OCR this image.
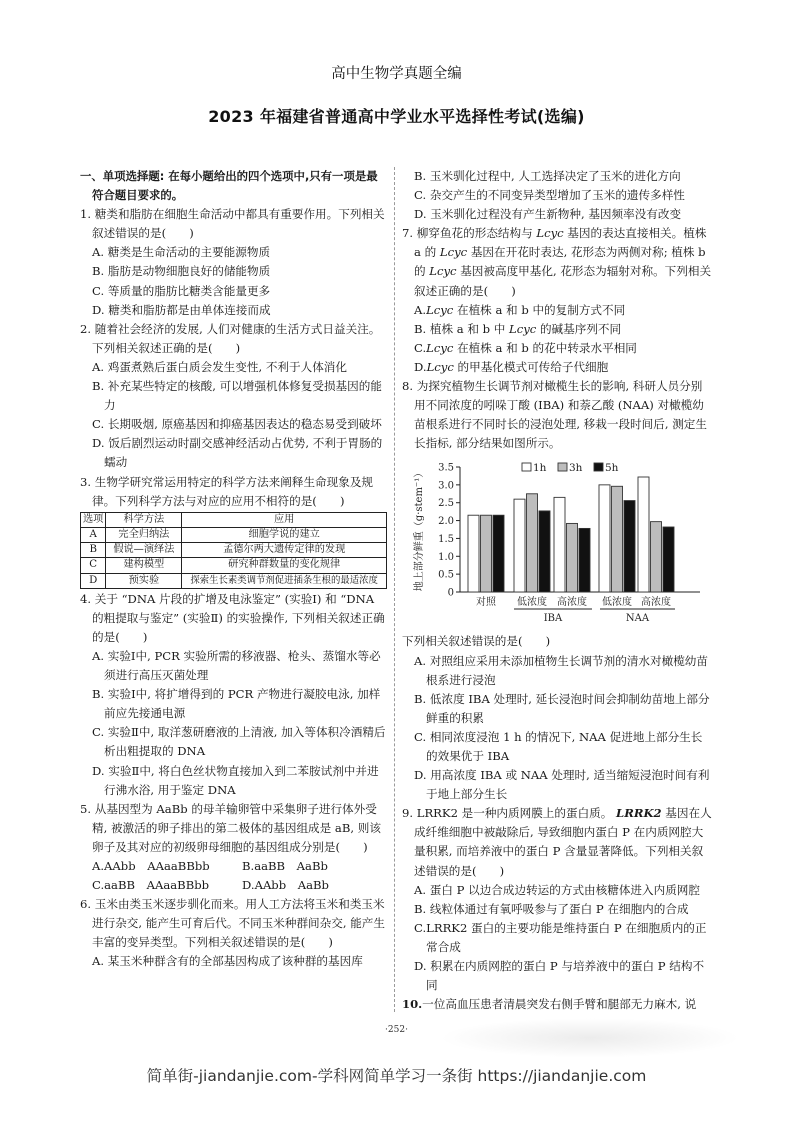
高中生物学真题全编
2023 年福建省普通高中学业水平选择性考试(选编)
一、单项选择题: 在每小题给出的四个选项中,只有一项是最符合题目要求的。
1. 糖类和脂肪在细胞生命活动中都具有重要作用。下列相关叙述错误的是(　　)
A. 糖类是生命活动的主要能源物质
B. 脂肪是动物细胞良好的储能物质
C. 等质量的脂肪比糖类含能量更多
D. 糖类和脂肪都是由单体连接而成
2. 随着社会经济的发展, 人们对健康的生活方式日益关注。下列相关叙述正确的是(　　)
A. 鸡蛋煮熟后蛋白质会发生变性, 不利于人体消化
B. 补充某些特定的核酸, 可以增强机体修复受损基因的能力
C. 长期吸烟, 原癌基因和抑癌基因表达的稳态易受到破坏
D. 饭后剧烈运动时副交感神经活动占优势, 不利于胃肠的蠕动
3. 生物学研究常运用特定的科学方法来阐释生命现象及规律。下列科学方法与对应的应用不相符的是(　　)
选项	科学方法	应用
A	完全归纳法	细胞学说的建立
B	假说—演绎法	孟德尔两大遗传定律的发现
C	建构模型	研究种群数量的变化规律
D	预实验	探索生长素类调节剂促进插条生根的最适浓度
4. 关于 “DNA 片段的扩增及电泳鉴定” (实验Ⅰ) 和 “DNA 的粗提取与鉴定” (实验Ⅱ) 的实验操作, 下列相关叙述正确的是(　　)
A. 实验Ⅰ中, PCR 实验所需的移液器、枪头、蒸馏水等必须进行高压灭菌处理
B. 实验Ⅰ中, 将扩增得到的 PCR 产物进行凝胶电泳, 加样前应先接通电源
C. 实验Ⅱ中, 取洋葱研磨液的上清液, 加入等体积冷酒精后析出粗提取的 DNA
D. 实验Ⅱ中, 将白色丝状物直接加入到二苯胺试剂中并进行沸水浴, 用于鉴定 DNA
5. 从基因型为 AaBb 的母羊输卵管中采集卵子进行体外受精, 被激活的卵子排出的第二极体的基因组成是 aB, 则该卵子及其对应的初级卵母细胞的基因组成分别是(　　)
A.AAbb　AAaaBBbb	B.aaBB　AaBb
C.aaBB　AAaaBBbb	D.AAbb　AaBb
6. 玉米由类玉米逐步驯化而来。用人工方法将玉米和类玉米进行杂交, 能产生可育后代。不同玉米种群间杂交, 能产生丰富的变异类型。下列相关叙述错误的是(　　)
A. 某玉米种群含有的全部基因构成了该种群的基因库
B. 玉米驯化过程中, 人工选择决定了玉米的进化方向
C. 杂交产生的不同变异类型增加了玉米的遗传多样性
D. 玉米驯化过程没有产生新物种, 基因频率没有改变
7. 柳穿鱼花的形态结构与 Lcyc 基因的表达直接相关。植株 a 的 Lcyc 基因在开花时表达, 花形态为两侧对称; 植株 b 的 Lcyc 基因被高度甲基化, 花形态为辐射对称。下列相关叙述正确的是(　　)
A.Lcyc 在植株 a 和 b 中的复制方式不同
B. 植株 a 和 b 中 Lcyc 的碱基序列不同
C.Lcyc 在植株 a 和 b 的花中转录水平相同
D.Lcyc 的甲基化模式可传给子代细胞
8. 为探究植物生长调节剂对橄榄生长的影响, 科研人员分别用不同浓度的吲哚丁酸 (IBA) 和萘乙酸 (NAA) 对橄榄幼苗根系进行不同时长的浸泡处理, 移栽一段时间后, 测定生长指标, 部分结果如图所示。
地上部分鲜重（g·stem⁻¹）
0
0.5
1.0
1.5
2.0
2.5
3.0
3.5
对照 低浓度 高浓度 低浓度 高浓度
IBA	NAA
1h 3h 5h
下列相关叙述错误的是(　　)
A. 对照组应采用未添加植物生长调节剂的清水对橄榄幼苗根系进行浸泡
B. 低浓度 IBA 处理时, 延长浸泡时间会抑制幼苗地上部分鲜重的积累
C. 相同浓度浸泡 1 h 的情况下, NAA 促进地上部分生长的效果优于 IBA
D. 用高浓度 IBA 或 NAA 处理时, 适当缩短浸泡时间有利于地上部分生长
9. LRRK2 是一种内质网膜上的蛋白质。 LRRK2 基因在人成纤维细胞中被敲除后, 导致细胞内蛋白 P 在内质网腔大量积累, 而培养液中的蛋白 P 含量显著降低。下列相关叙述错误的是(　　)
A. 蛋白 P 以边合成边转运的方式由核糖体进入内质网腔
B. 线粒体通过有氧呼吸参与了蛋白 P 在细胞内的合成
C.LRRK2 蛋白的主要功能是维持蛋白 P 在细胞质内的正常合成
D. 积累在内质网腔的蛋白 P 与培养液中的蛋白 P 结构不同
10.一位高血压患者清晨突发右侧手臂和腿部无力麻木, 说
·252·
简单街-jiandanjie.com-学科网简单学习一条街 https://jiandanjie.com
